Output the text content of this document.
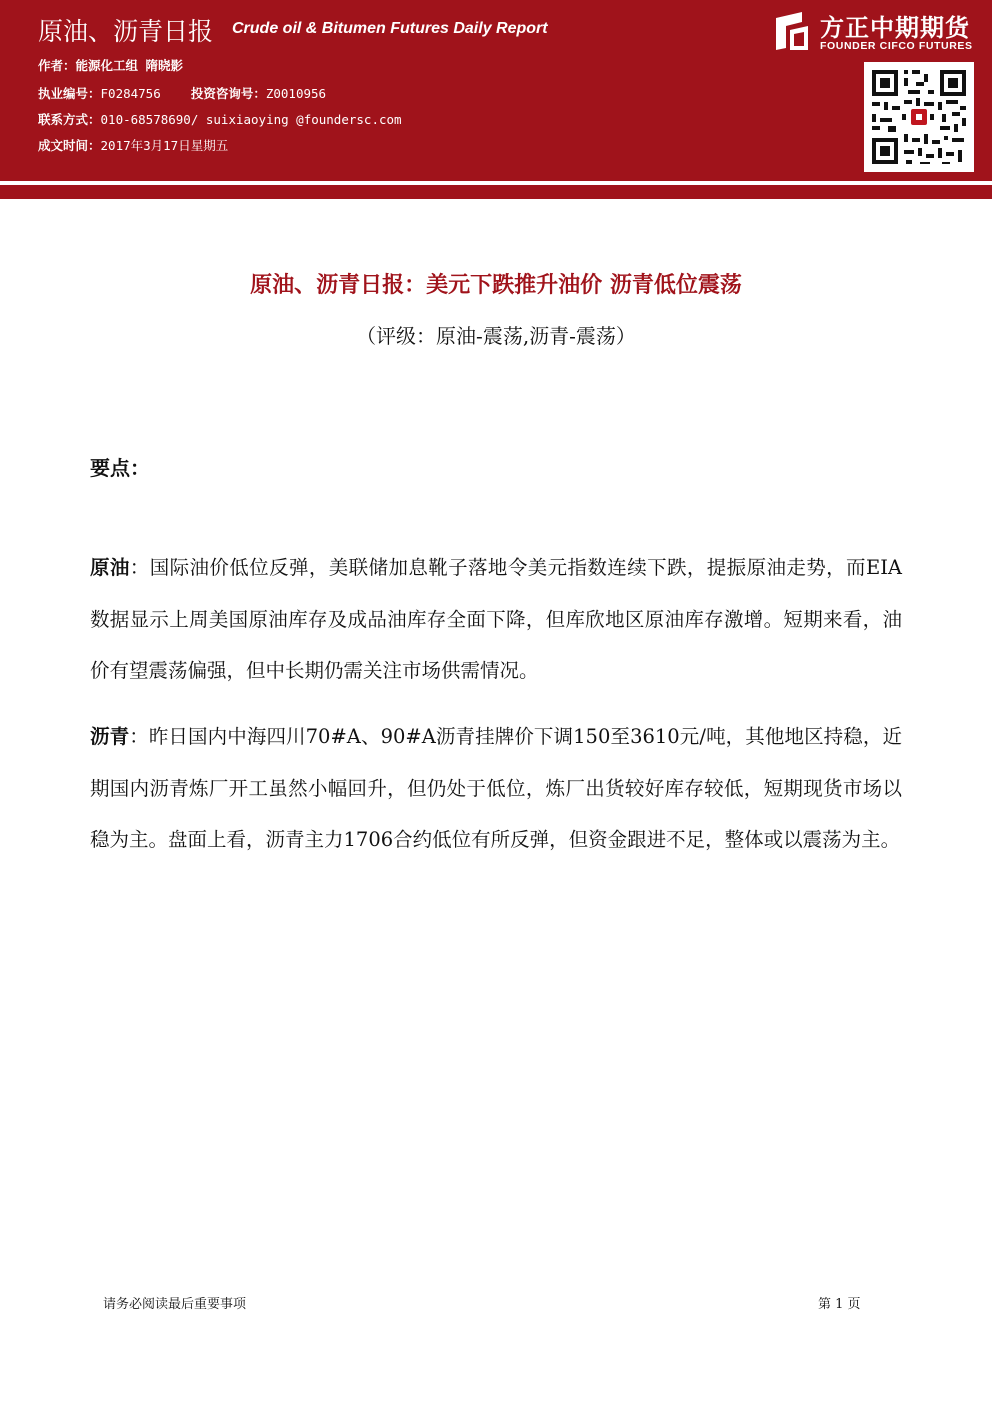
原油、沥青日报 Crude oil & Bitumen Futures Daily Report
作者：能源化工组 隋晓影
执业编号：F0284756 投资咨询号：Z0010956
联系方式：010-68578690/ suixiaoying @foundersc.com
成文时间：2017年3月17日星期五
方正中期期货
FOUNDER CIFCO FUTURES
原油、沥青日报：美元下跌推升油价 沥青低位震荡
（评级：原油-震荡,沥青-震荡）
要点：
原油：国际油价低位反弹，美联储加息靴子落地令美元指数连续下跌，提振原油走势，而EIA数据显示上周美国原油库存及成品油库存全面下降，但库欣地区原油库存激增。短期来看，油价有望震荡偏强，但中长期仍需关注市场供需情况。
沥青：昨日国内中海四川70#A、90#A沥青挂牌价下调150至3610元/吨，其他地区持稳，近期国内沥青炼厂开工虽然小幅回升，但仍处于低位，炼厂出货较好库存较低，短期现货市场以稳为主。盘面上看，沥青主力1706合约低位有所反弹，但资金跟进不足，整体或以震荡为主。
请务必阅读最后重要事项	第 1 页
